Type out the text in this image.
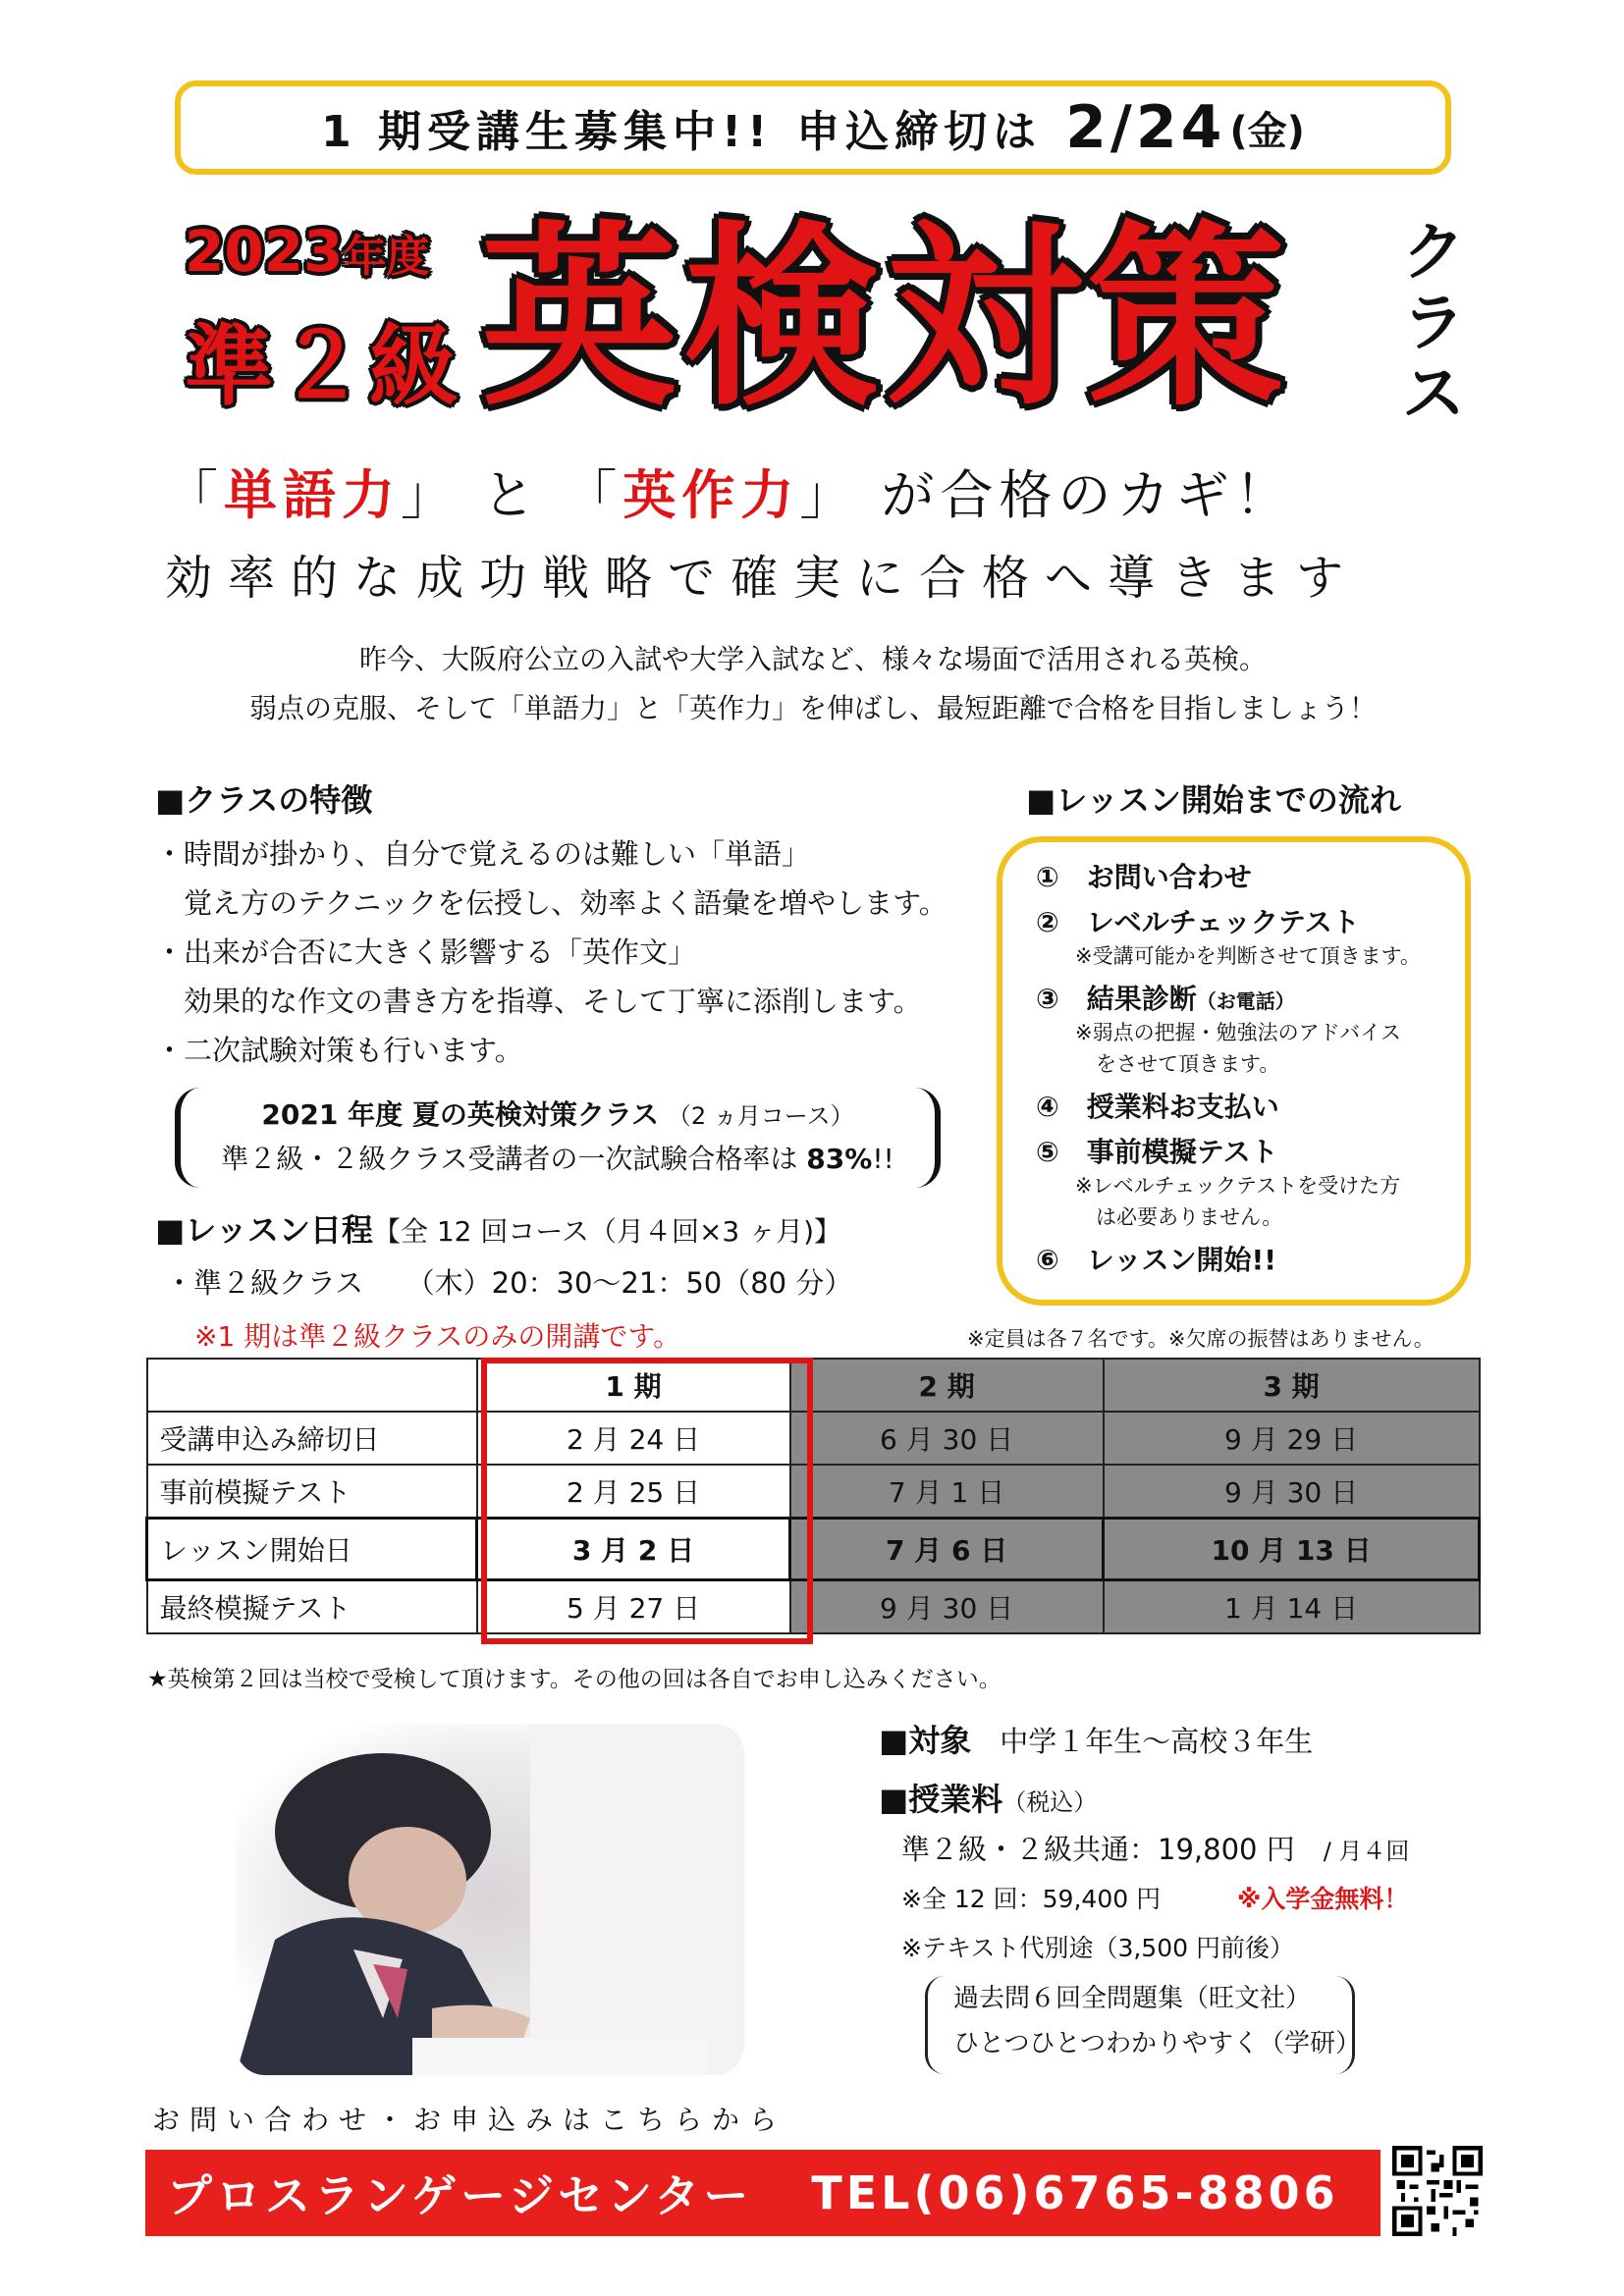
1 期受講生募集中!! 申込締切は 2/24 (金)
2023年度
準２級 英検対策 クラス
「単語力」 と 「英作力」 が合格のカギ！
効率的な成功戦略で確実に合格へ導きます
昨今、大阪府公立の入試や大学入試など、様々な場面で活用される英検。
弱点の克服、そして「単語力」と「英作力」を伸ばし、最短距離で合格を目指しましょう！
■クラスの特徴
・時間が掛かり、自分で覚えるのは難しい「単語」
　覚え方のテクニックを伝授し、効率よく語彙を増やします。
・出来が合否に大きく影響する「英作文」
　効果的な作文の書き方を指導、そして丁寧に添削します。
・二次試験対策も行います。
2021 年度 夏の英検対策クラス （2 ヵ月コース）
準２級・２級クラス受講者の一次試験合格率は 83%!!
■レッスン開始までの流れ
①　 お問い合わせ
②　 レベルチェックテスト
※受講可能かを判断させて頂きます。
③　 結果診断（お電話）
※弱点の把握・勉強法のアドバイス
　をさせて頂きます。
④　 授業料お支払い
⑤　 事前模擬テスト
※レベルチェックテストを受けた方
　は必要ありません。
⑥　 レッスン開始!!
■レッスン日程【全 12 回コース（月４回×3 ヶ月)】
・準２級クラス　　（木）20：30〜21：50（80 分）
※1 期は準２級クラスのみの開講です。	※定員は各７名です。※欠席の振替はありません。
	1 期	2 期	3 期
受講申込み締切日	2 月 24 日	6 月 30 日	9 月 29 日
事前模擬テスト	2 月 25 日	7 月 1 日	9 月 30 日
レッスン開始日	3 月 2 日	7 月 6 日	10 月 13 日
最終模擬テスト	5 月 27 日	9 月 30 日	1 月 14 日
★英検第２回は当校で受検して頂けます。その他の回は各自でお申し込みください。
■対象　 中学１年生〜高校３年生
■授業料（税込）
準２級・２級共通：19,800 円　 / 月４回
※全 12 回：59,400 円	※入学金無料！
※テキスト代別途（3,500 円前後）
過去問６回全問題集（旺文社）
ひとつひとつわかりやすく（学研）
お問い合わせ・お申込みはこちらから
プロスランゲージセンター TEL(06)6765-8806
